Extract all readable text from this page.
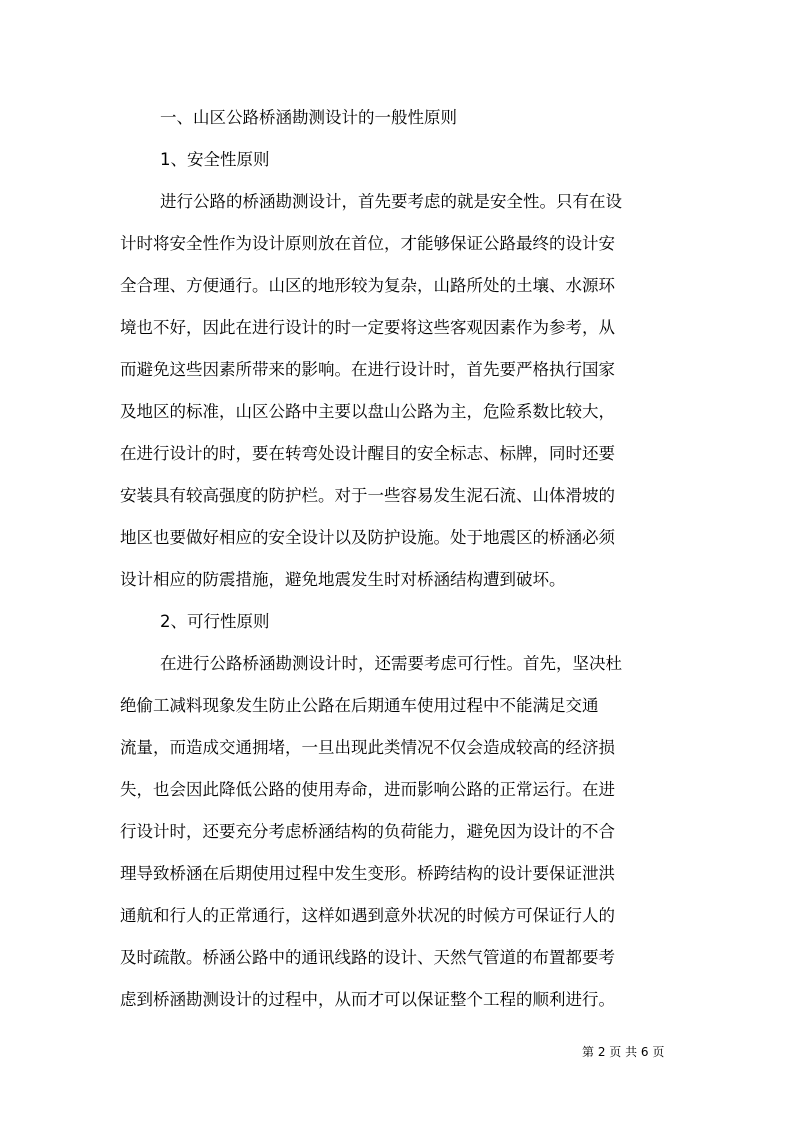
一、山区公路桥涵勘测设计的一般性原则
1、安全性原则
进行公路的桥涵勘测设计，首先要考虑的就是安全性。只有在设
计时将安全性作为设计原则放在首位，才能够保证公路最终的设计安
全合理、方便通行。山区的地形较为复杂，山路所处的土壤、水源环
境也不好，因此在进行设计的时一定要将这些客观因素作为参考，从
而避免这些因素所带来的影响。在进行设计时，首先要严格执行国家
及地区的标准，山区公路中主要以盘山公路为主，危险系数比较大，
在进行设计的时，要在转弯处设计醒目的安全标志、标牌，同时还要
安装具有较高强度的防护栏。对于一些容易发生泥石流、山体滑坡的
地区也要做好相应的安全设计以及防护设施。处于地震区的桥涵必须
设计相应的防震措施，避免地震发生时对桥涵结构遭到破坏。
2、可行性原则
在进行公路桥涵勘测设计时，还需要考虑可行性。首先，坚决杜
绝偷工减料现象发生防止公路在后期通车使用过程中不能满足交通
流量，而造成交通拥堵，一旦出现此类情况不仅会造成较高的经济损
失，也会因此降低公路的使用寿命，进而影响公路的正常运行。在进
行设计时，还要充分考虑桥涵结构的负荷能力，避免因为设计的不合
理导致桥涵在后期使用过程中发生变形。桥跨结构的设计要保证泄洪
通航和行人的正常通行，这样如遇到意外状况的时候方可保证行人的
及时疏散。桥涵公路中的通讯线路的设计、天然气管道的布置都要考
虑到桥涵勘测设计的过程中，从而才可以保证整个工程的顺利进行。
第 2 页 共 6 页
